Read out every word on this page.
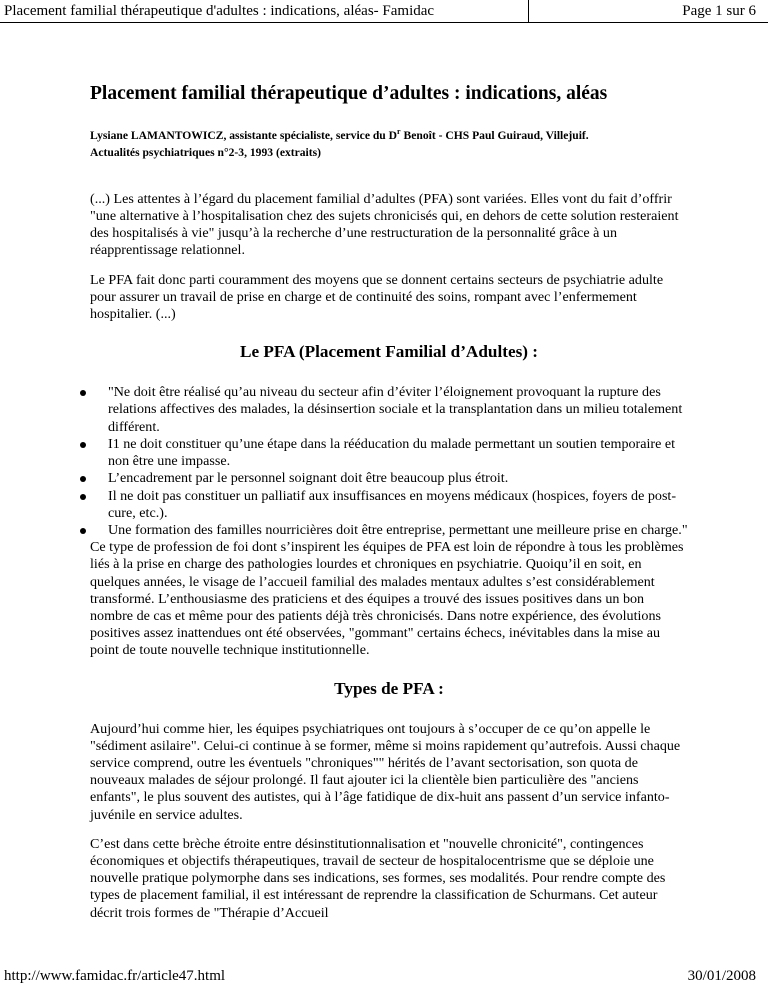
Placement familial thérapeutique d'adultes : indications, aléas- Famidac	Page 1 sur 6
Placement familial thérapeutique d’adultes : indications, aléas
Lysiane LAMANTOWICZ, assistante spécialiste, service du $D^r$ Benoît - CHS Paul Guiraud, Villejuif.
Actualités psychiatriques n°2-3, 1993 (extraits)

(...) Les attentes à l’égard du placement familial d’adultes (PFA) sont variées. Elles vont du fait d’offrir "une alternative à l’hospitalisation chez des sujets chronicisés qui, en dehors de cette solution resteraient des hospitalisés à vie" jusqu’à la recherche d’une restructuration de la personnalité grâce à un réapprentissage relationnel.

Le PFA fait donc parti couramment des moyens que se donnent certains secteurs de psychiatrie adulte pour assurer un travail de prise en charge et de continuité des soins, rompant avec l’enfermement hospitalier. (...)

Le PFA (Placement Familial d’Adultes) :
"Ne doit être réalisé qu’au niveau du secteur afin d’éviter l’éloignement provoquant la rupture des relations affectives des malades, la désinsertion sociale et la transplantation dans un milieu totalement différent.
I1 ne doit constituer qu’une étape dans la rééducation du malade permettant un soutien temporaire et non être une impasse.
L’encadrement par le personnel soignant doit être beaucoup plus étroit.
Il ne doit pas constituer un palliatif aux insuffisances en moyens médicaux (hospices, foyers de post-cure, etc.).
Une formation des familles nourricières doit être entreprise, permettant une meilleure prise en charge."

Ce type de profession de foi dont s’inspirent les équipes de PFA est loin de répondre à tous les problèmes liés à la prise en charge des pathologies lourdes et chroniques en psychiatrie. Quoiqu’il en soit, en quelques années, le visage de l’accueil familial des malades mentaux adultes s’est considérablement transformé. L’enthousiasme des praticiens et des équipes a trouvé des issues positives dans un bon nombre de cas et même pour des patients déjà très chronicisés. Dans notre expérience, des évolutions positives assez inattendues ont été observées, "gommant" certains échecs, inévitables dans la mise au point de toute nouvelle technique institutionnelle.

Types de PFA :

Aujourd’hui comme hier, les équipes psychiatriques ont toujours à s’occuper de ce qu’on appelle le "sédiment asilaire". Celui-ci continue à se former, même si moins rapidement qu’autrefois. Aussi chaque service comprend, outre les éventuels "chroniques"" hérités de l’avant sectorisation, son quota de nouveaux malades de séjour prolongé. Il faut ajouter ici la clientèle bien particulière des "anciens enfants", le plus souvent des autistes, qui à l’âge fatidique de dix-huit ans passent d’un service infanto-juvénile en service adultes.

C’est dans cette brèche étroite entre désinstitutionnalisation et "nouvelle chronicité", contingences économiques et objectifs thérapeutiques, travail de secteur de hospitalocentrisme que se déploie une nouvelle pratique polymorphe dans ses indications, ses formes, ses modalités. Pour rendre compte des types de placement familial, il est intéressant de reprendre la classification de Schurmans. Cet auteur décrit trois formes de "Thérapie d’Accueil

http://www.famidac.fr/article47.html	30/01/2008
